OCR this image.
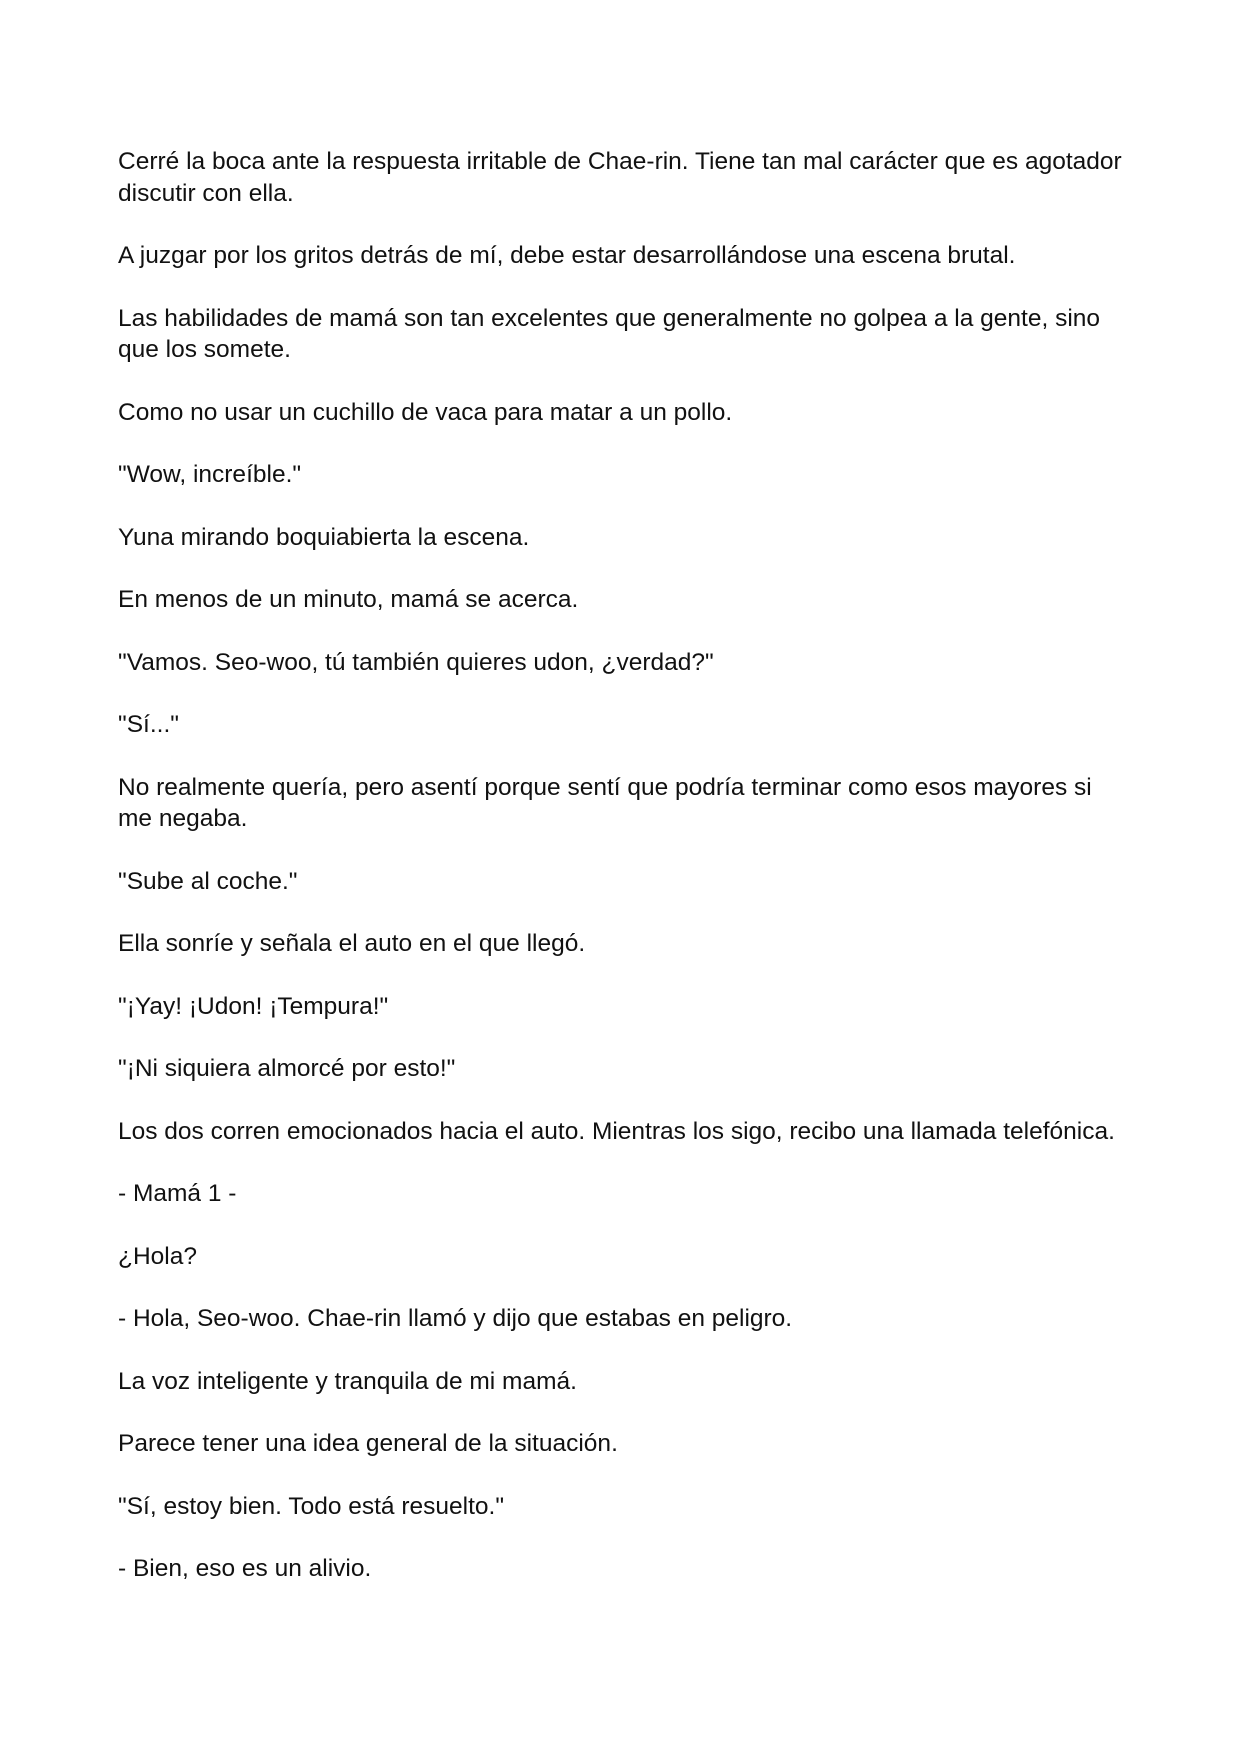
Cerré la boca ante la respuesta irritable de Chae-rin. Tiene tan mal carácter que es agotador discutir con ella.

A juzgar por los gritos detrás de mí, debe estar desarrollándose una escena brutal.

Las habilidades de mamá son tan excelentes que generalmente no golpea a la gente, sino que los somete.

Como no usar un cuchillo de vaca para matar a un pollo.

"Wow, increíble."

Yuna mirando boquiabierta la escena.

En menos de un minuto, mamá se acerca.

"Vamos. Seo-woo, tú también quieres udon, ¿verdad?"

"Sí..."

No realmente quería, pero asentí porque sentí que podría terminar como esos mayores si me negaba.

"Sube al coche."

Ella sonríe y señala el auto en el que llegó.

"¡Yay! ¡Udon! ¡Tempura!"

"¡Ni siquiera almorcé por esto!"

Los dos corren emocionados hacia el auto. Mientras los sigo, recibo una llamada telefónica.

- Mamá 1 -

¿Hola?

- Hola, Seo-woo. Chae-rin llamó y dijo que estabas en peligro.

La voz inteligente y tranquila de mi mamá.

Parece tener una idea general de la situación.

"Sí, estoy bien. Todo está resuelto."

- Bien, eso es un alivio.
